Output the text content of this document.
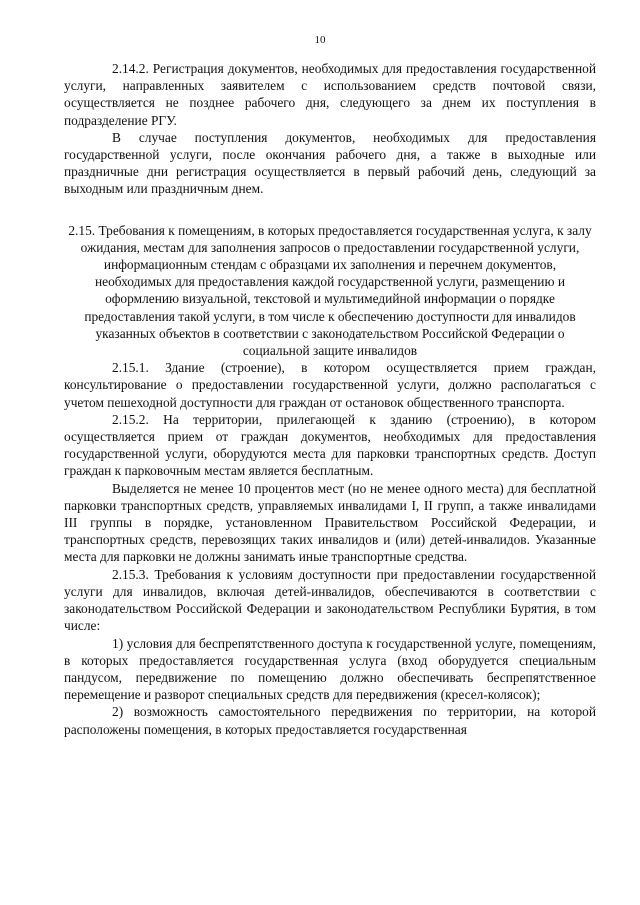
10

2.14.2. Регистрация документов, необходимых для предоставления государственной услуги, направленных заявителем с использованием средств почтовой связи, осуществляется не позднее рабочего дня, следующего за днем их поступления в подразделение РГУ.

В случае поступления документов, необходимых для предоставления государственной услуги, после окончания рабочего дня, а также в выходные или праздничные дни регистрация осуществляется в первый рабочий день, следующий за выходным или праздничным днем.

2.15. Требования к помещениям, в которых предоставляется государственная услуга, к залу ожидания, местам для заполнения запросов о предоставлении государственной услуги, информационным стендам с образцами их заполнения и перечнем документов, необходимых для предоставления каждой государственной услуги, размещению и оформлению визуальной, текстовой и мультимедийной информации о порядке предоставления такой услуги, в том числе к обеспечению доступности для инвалидов указанных объектов в соответствии с законодательством Российской Федерации о социальной защите инвалидов

2.15.1. Здание (строение), в котором осуществляется прием граждан, консультирование о предоставлении государственной услуги, должно располагаться с учетом пешеходной доступности для граждан от остановок общественного транспорта.

2.15.2. На территории, прилегающей к зданию (строению), в котором осуществляется прием от граждан документов, необходимых для предоставления государственной услуги, оборудуются места для парковки транспортных средств. Доступ граждан к парковочным местам является бесплатным.

Выделяется не менее 10 процентов мест (но не менее одного места) для бесплатной парковки транспортных средств, управляемых инвалидами I, II групп, а также инвалидами III группы в порядке, установленном Правительством Российской Федерации, и транспортных средств, перевозящих таких инвалидов и (или) детей-инвалидов. Указанные места для парковки не должны занимать иные транспортные средства.

2.15.3. Требования к условиям доступности при предоставлении государственной услуги для инвалидов, включая детей-инвалидов, обеспечиваются в соответствии с законодательством Российской Федерации и законодательством Республики Бурятия, в том числе:

1) условия для беспрепятственного доступа к государственной услуге, помещениям, в которых предоставляется государственная услуга (вход оборудуется специальным пандусом, передвижение по помещению должно обеспечивать беспрепятственное перемещение и разворот специальных средств для передвижения (кресел-колясок);

2) возможность самостоятельного передвижения по территории, на которой расположены помещения, в которых предоставляется государственная
